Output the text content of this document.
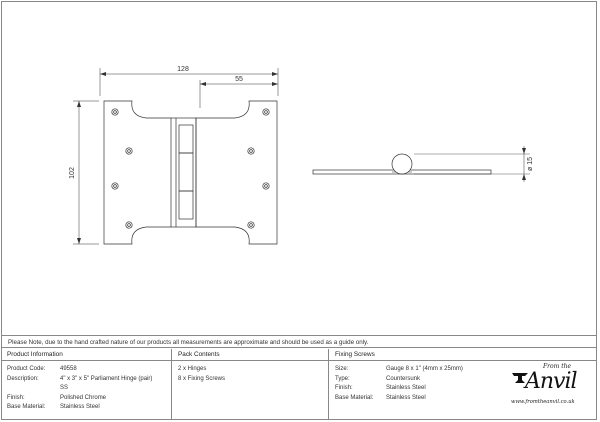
128
55
102
ø 15
Please Note, due to the hand crafted nature of our products all measurements are approximate and should be used as a guide only.
Product Information
Product Code: 49558
Description:	4" x 3" x 5" Parliament Hinge (pair)
SS
Finish:	Polished Chrome
Base Material: Stainless Steel
Pack Contents
2 x Hinges
8 x Fixing Screws
Fixing Screws
Size:	Gauge 8 x 1" (4mm x 25mm)
Type:	Countersunk
Finish:	Stainless Steel
Base Material: Stainless Steel
From the
Anvil
www.fromtheanvil.co.uk
